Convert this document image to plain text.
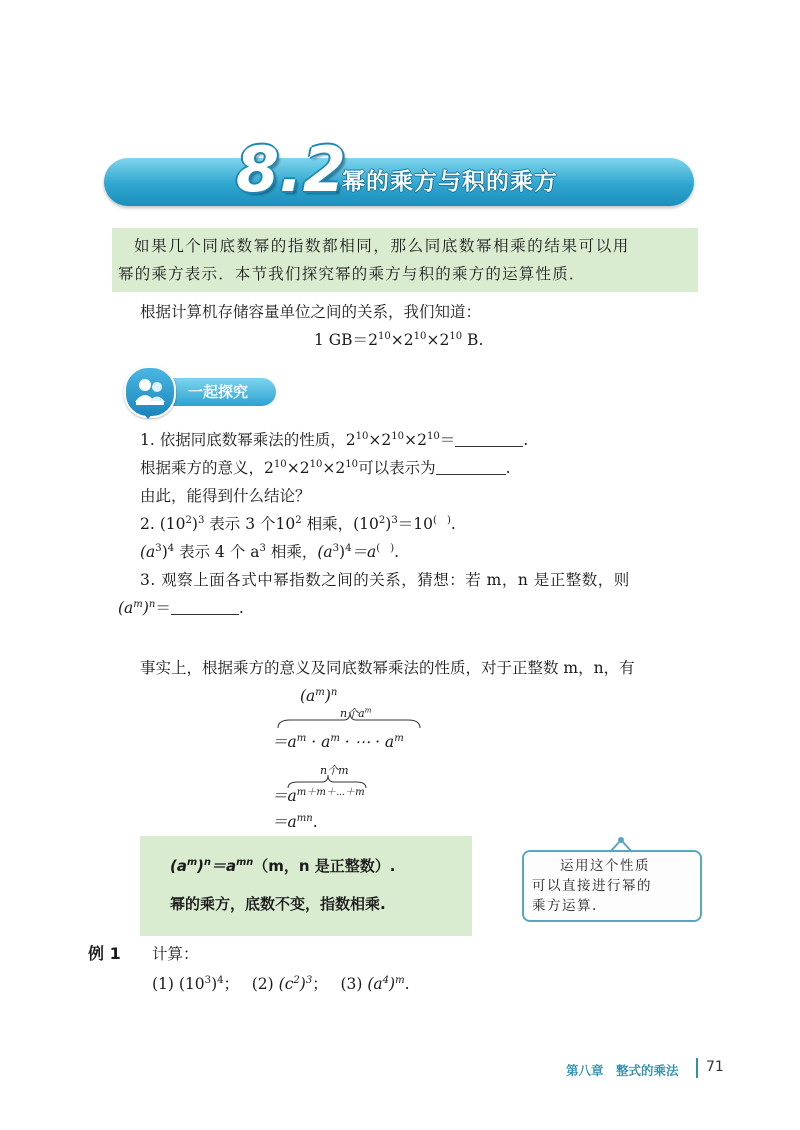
8.2
幂的乘方与积的乘方
如果几个同底数幂的指数都相同，那么同底数幂相乘的结果可以用
幂的乘方表示．本节我们探究幂的乘方与积的乘方的运算性质．
根据计算机存储容量单位之间的关系，我们知道：
1 $GB=2^{10}\times 2^{10}\times 2^{10}$ B.
一起探究
1. 依据同底数幂乘法的性质，$2^{10}\times 2^{10}\times 2^{10}=$	.
根据乘方的意义，$2^{10}\times 2^{10}\times 2^{10}$可以表示为	.
由此，能得到什么结论？
2. $(10^2)^3$ 表示 3 个$10^2$ 相乘，$(10^2)^3=10^{( )}$.
$(a^3)^4$ 表示 4 个 $a^3$ 相乘，$(a^3)^4=a^{( )}$.
3. 观察上面各式中幂指数之间的关系，猜想：若 m，n 是正整数，则
$(a^m)^n=$	.
事实上，根据乘方的意义及同底数幂乘法的性质，对于正整数 m，n，有
$(a^m)^n$
n个$a^m$
$=a^m \cdot a^m$ · ⋯ · $a^m$
n个m
$=a^{m+m+\cdots+m}$
$=a^{mn}$.
$(a^m)^n=a^{mn}(m$，n 是正整数）.
幂的乘方，底数不变，指数相乘.
运用这个性质
可以直接进行幂的
乘方运算.
例 1 计算：
(1) $(10^3)^4$；　 (2) $(c^2)^3$；　 (3) $(a^4)^m$.
第八章　整式的乘法 71
